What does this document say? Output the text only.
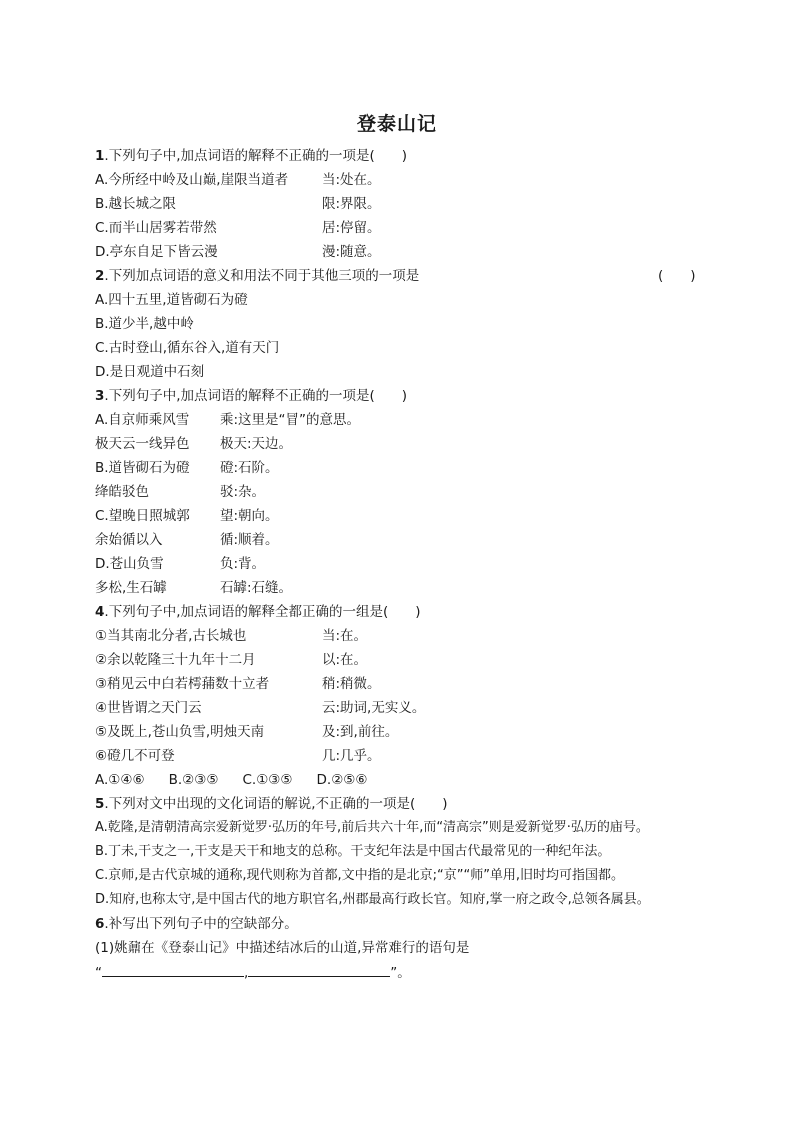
登泰山记
1.下列句子中,加点词语的解释不正确的一项是(　　)
A.今所经中岭及山巅,崖限当道者	当:处在。
B.越长城之限	限:界限。
C.而半山居雾若带然	居:停留。
D.亭东自足下皆云漫	漫:随意。
2.下列加点词语的意义和用法不同于其他三项的一项是	(　　)
A.四十五里,道皆砌石为磴
B.道少半,越中岭
C.古时登山,循东谷入,道有天门
D.是日观道中石刻
3.下列句子中,加点词语的解释不正确的一项是(　　)
A.自京师乘风雪 乘:这里是“冒”的意思。
极天云一线异色 极天:天边。
B.道皆砌石为磴 磴:石阶。
绛皓驳色	驳:杂。
C.望晚日照城郭 望:朝向。
余始循以入	循:顺着。
D.苍山负雪	负:背。
多松,生石罅	石罅:石缝。
4.下列句子中,加点词语的解释全都正确的一组是(　　)
①当其南北分者,古长城也	当:在。
②余以乾隆三十九年十二月	以:在。
③稍见云中白若樗蒱数十立者	稍:稍微。
④世皆谓之天门云	云:助词,无实义。
⑤及既上,苍山负雪,明烛天南	及:到,前往。
⑥磴几不可登	几:几乎。
A.①④⑥ B.②③⑤ C.①③⑤ D.②⑤⑥
5.下列对文中出现的文化词语的解说,不正确的一项是(　　)
A.乾隆,是清朝清高宗爱新觉罗·弘历的年号,前后共六十年,而“清高宗”则是爱新觉罗·弘历的庙号。
B.丁未,干支之一,干支是天干和地支的总称。干支纪年法是中国古代最常见的一种纪年法。
C.京师,是古代京城的通称,现代则称为首都,文中指的是北京;“京”“师”单用,旧时均可指国都。
D.知府,也称太守,是中国古代的地方职官名,州郡最高行政长官。知府,掌一府之政令,总领各属县。
6.补写出下列句子中的空缺部分。
(1)姚鼐在《登泰山记》中描述结冰后的山道,异常难行的语句是
“	,	”。
